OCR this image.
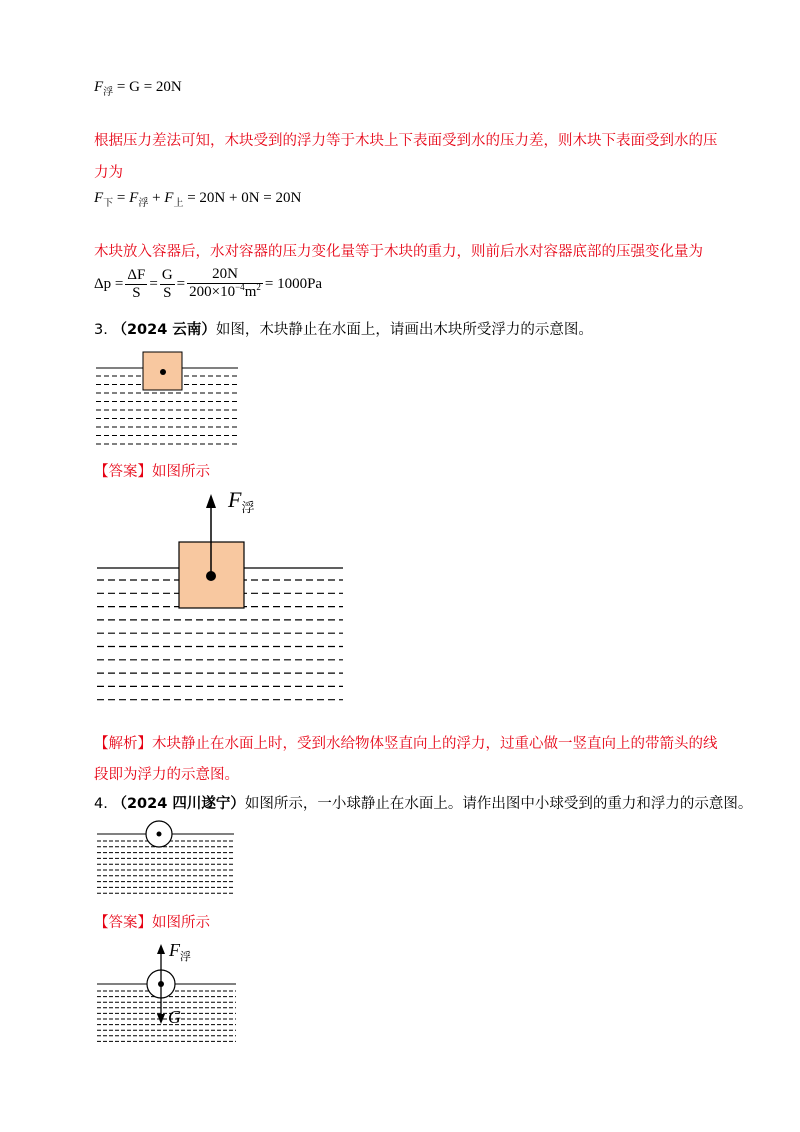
$F_浮 = G = 20N$
根据压力差法可知，木块受到的浮力等于木块上下表面受到水的压力差，则木块下表面受到水的压
力为
$F_下 = F_浮 + F_上 = 20N + 0N = 20N$
木块放入容器后，水对容器的压力变化量等于木块的重力，则前后水对容器底部的压强变化量为
$\Delta p = \frac{\Delta F}{S} = \frac{G}{S} = \frac{20N}{200\times 10^{-4}m^2} = 1000Pa$
3. （2024 云南）如图，木块静止在水面上，请画出木块所受浮力的示意图。
【答案】如图所示
$F_浮$
【解析】木块静止在水面上时，受到水给物体竖直向上的浮力，过重心做一竖直向上的带箭头的线
段即为浮力的示意图。
4. （2024 四川遂宁）如图所示，一小球静止在水面上。请作出图中小球受到的重力和浮力的示意图。
【答案】如图所示
$F_浮$
G
